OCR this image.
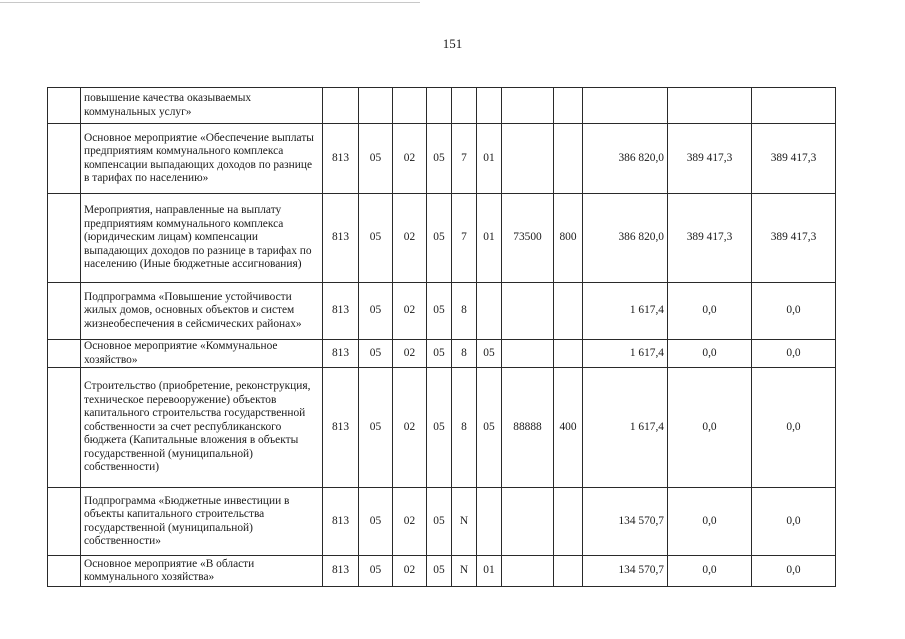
151
	повышение качества оказываемых коммунальных услуг»											
	Основное мероприятие «Обеспечение выплаты предприятиям коммунального комплекса компенсации выпадающих доходов по разнице в тарифах по населению»	813	05	02	05	7	01			386 820,0	389 417,3	389 417,3
	Мероприятия, направленные на выплату предприятиям коммунального комплекса (юридическим лицам) компенсации выпадающих доходов по разнице в тарифах по населению (Иные бюджетные ассигнования)	813	05	02	05	7	01	73500	800	386 820,0	389 417,3	389 417,3
	Подпрограмма «Повышение устойчивости жилых домов, основных объектов и систем жизнеобеспечения в сейсмических районах»	813	05	02	05	8				1 617,4	0,0	0,0
	Основное мероприятие «Коммунальное хозяйство»	813	05	02	05	8	05			1 617,4	0,0	0,0
	Строительство (приобретение, реконструкция, техническое перевооружение) объектов капитального строительства государственной собственности за счет республиканского бюджета (Капитальные вложения в объекты государственной (муниципальной) собственности)	813	05	02	05	8	05	88888	400	1 617,4	0,0	0,0
	Подпрограмма «Бюджетные инвестиции в объекты капитального строительства государственной (муниципальной) собственности»	813	05	02	05	N				134 570,7	0,0	0,0
	Основное мероприятие «В области коммунального хозяйства»	813	05	02	05	N	01			134 570,7	0,0	0,0
